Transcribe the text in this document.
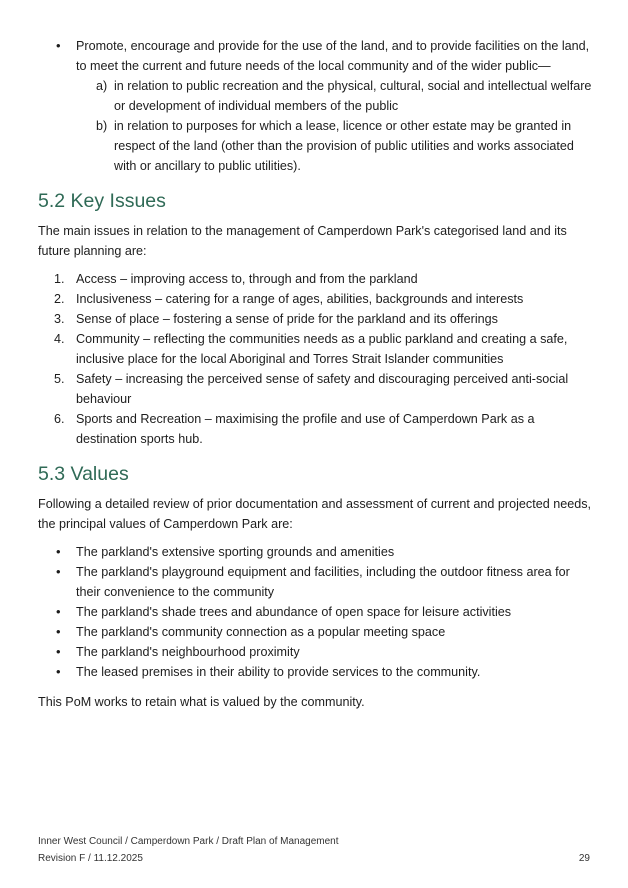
• Promote, encourage and provide for the use of the land, and to provide facilities on the land, to meet the current and future needs of the local community and of the wider public—
a) in relation to public recreation and the physical, cultural, social and intellectual welfare or development of individual members of the public
b) in relation to purposes for which a lease, licence or other estate may be granted in respect of the land (other than the provision of public utilities and works associated with or ancillary to public utilities).
5.2 Key Issues

The main issues in relation to the management of Camperdown Park's categorised land and its future planning are:

1. Access – improving access to, through and from the parkland
2. Inclusiveness – catering for a range of ages, abilities, backgrounds and interests
3. Sense of place – fostering a sense of pride for the parkland and its offerings
4. Community – reflecting the communities needs as a public parkland and creating a safe, inclusive place for the local Aboriginal and Torres Strait Islander communities
5. Safety – increasing the perceived sense of safety and discouraging perceived anti-social behaviour
6. Sports and Recreation – maximising the profile and use of Camperdown Park as a destination sports hub.
5.3 Values

Following a detailed review of prior documentation and assessment of current and projected needs, the principal values of Camperdown Park are:

• The parkland's extensive sporting grounds and amenities
• The parkland's playground equipment and facilities, including the outdoor fitness area for their convenience to the community
• The parkland's shade trees and abundance of open space for leisure activities
• The parkland's community connection as a popular meeting space
• The parkland's neighbourhood proximity
• The leased premises in their ability to provide services to the community.

This PoM works to retain what is valued by the community.

Inner West Council / Camperdown Park / Draft Plan of Management
Revision F / 11.12.2025	29
